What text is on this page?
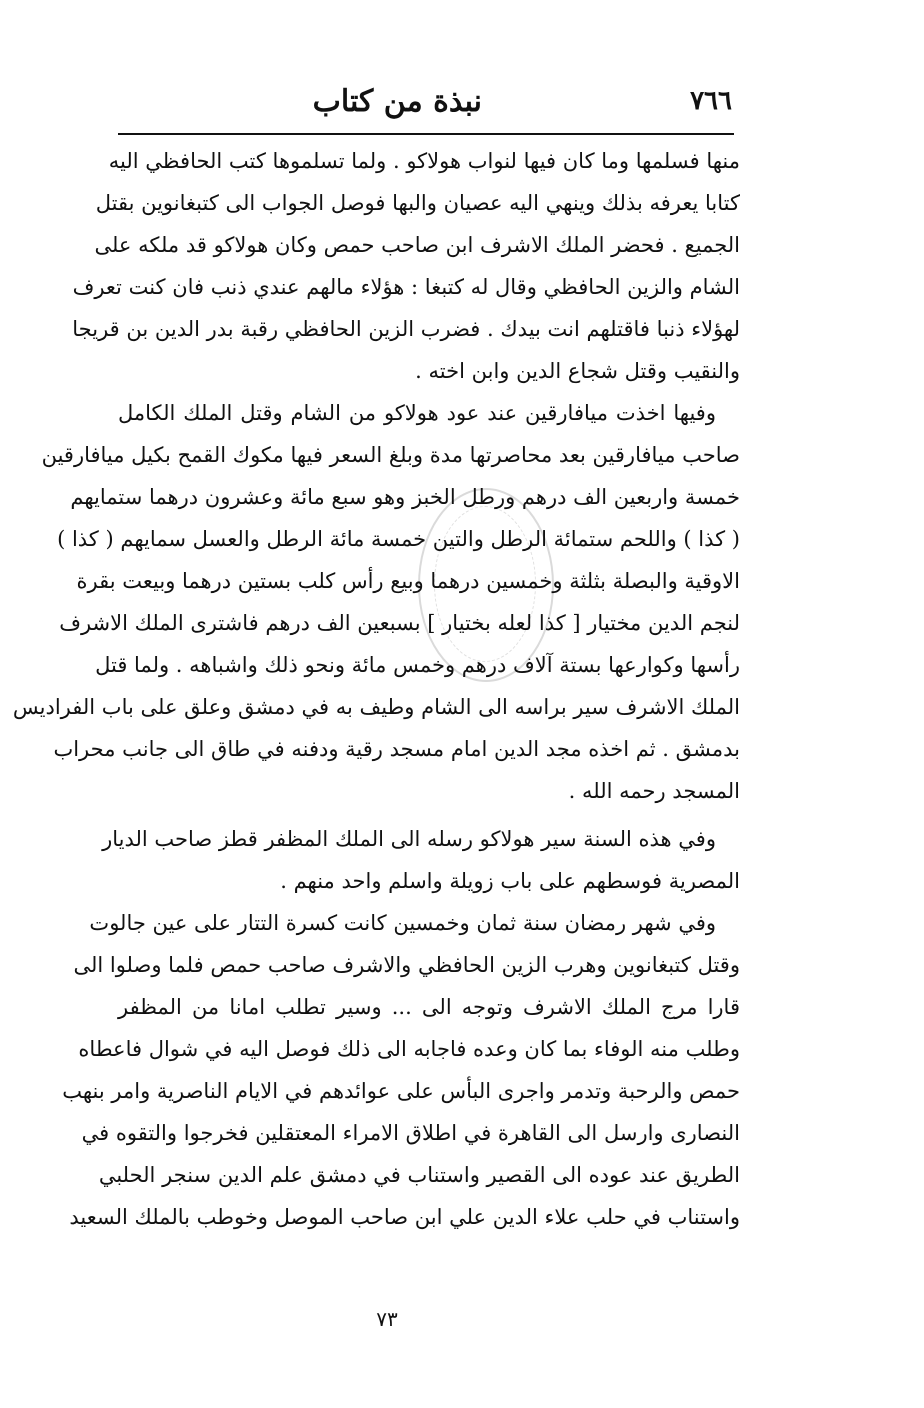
٧٦٦
نبذة من كتاب
منها فسلمها وما كان فيها لنواب هولاكو . ولما تسلموها كتب الحافظي اليه
كتابا يعرفه بذلك وينهي اليه عصيان والبها فوصل الجواب الى كتبغانوين بقتل
الجميع . فحضر الملك الاشرف ابن صاحب حمص وكان هولاكو قد ملكه على
الشام والزين الحافظي وقال له كتبغا : هؤلاء مالهم عندي ذنب فان كنت تعرف
لهؤلاء ذنبا فاقتلهم انت بيدك . فضرب الزين الحافظي رقبة بدر الدين بن قريجا
والنقيب وقتل شجاع الدين وابن اخته .
وفيها اخذت ميافارقين عند عود هولاكو من الشام وقتل الملك الكامل
صاحب ميافارقين بعد محاصرتها مدة وبلغ السعر فيها مكوك القمح بكيل ميافارقين
خمسة واربعين الف درهم ورطل الخبز وهو سبع مائة وعشرون درهما ستمايهم
( كذا ) واللحم ستمائة الرطل والتين خمسة مائة الرطل والعسل سمايهم ( كذا )
الاوقية والبصلة بثلثة وخمسين درهما وبيع رأس كلب بستين درهما وبيعت بقرة
لنجم الدين مختيار [ كذا لعله بختيار ] بسبعين الف درهم فاشترى الملك الاشرف
رأسها وكوارعها بستة آلاف درهم وخمس مائة ونحو ذلك واشباهه . ولما قتل
الملك الاشرف سير براسه الى الشام وطيف به في دمشق وعلق على باب الفراديس
بدمشق . ثم اخذه مجد الدين امام مسجد رقية ودفنه في طاق الى جانب محراب
المسجد رحمه الله .
وفي هذه السنة سير هولاكو رسله الى الملك المظفر قطز صاحب الديار
المصرية فوسطهم على باب زويلة واسلم واحد منهم .
وفي شهر رمضان سنة ثمان وخمسين كانت كسرة التتار على عين جالوت
وقتل كتبغانوين وهرب الزين الحافظي والاشرف صاحب حمص فلما وصلوا الى
قارا مرج الملك الاشرف وتوجه الى ... وسير تطلب امانا من المظفر
وطلب منه الوفاء بما كان وعده فاجابه الى ذلك فوصل اليه في شوال فاعطاه
حمص والرحبة وتدمر واجرى البأس على عوائدهم في الايام الناصرية وامر بنهب
النصارى وارسل الى القاهرة في اطلاق الامراء المعتقلين فخرجوا والتقوه في
الطريق عند عوده الى القصير واستناب في دمشق علم الدين سنجر الحلبي
واستناب في حلب علاء الدين علي ابن صاحب الموصل وخوطب بالملك السعيد
٧٣
